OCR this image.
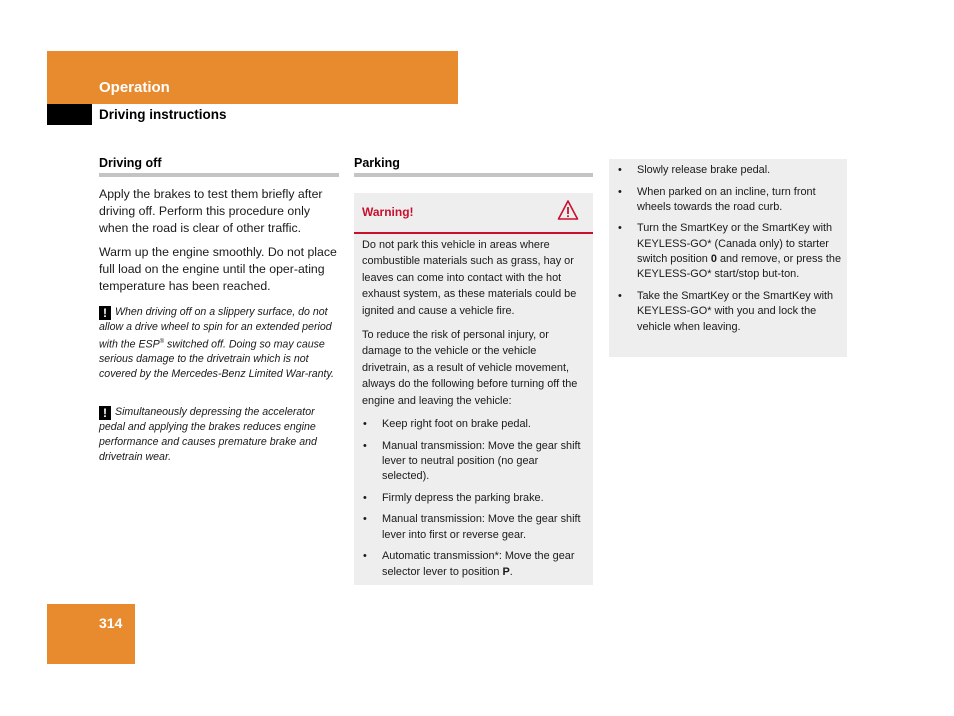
Operation
Driving instructions
Driving off

Apply the brakes to test them briefly after driving off. Perform this procedure only when the road is clear of other traffic.

Warm up the engine smoothly. Do not place full load on the engine until the oper-ating temperature has been reached.

! When driving off on a slippery surface, do not allow a drive wheel to spin for an extended period with the ESP® switched off. Doing so may cause serious damage to the drivetrain which is not covered by the Mercedes-Benz Limited War-ranty.

! Simultaneously depressing the accelerator pedal and applying the brakes reduces engine performance and causes premature brake and drivetrain wear.

Parking
Warning!

Do not park this vehicle in areas where combustible materials such as grass, hay or leaves can come into contact with the hot exhaust system, as these materials could be ignited and cause a vehicle fire.

To reduce the risk of personal injury, or damage to the vehicle or the vehicle drivetrain, as a result of vehicle movement, always do the following before turning off the engine and leaving the vehicle:

• Keep right foot on brake pedal.
• Manual transmission: Move the gear shift lever to neutral position (no gear selected).
• Firmly depress the parking brake.
• Manual transmission: Move the gear shift lever into first or reverse gear.
• Automatic transmission*: Move the gear selector lever to position P.
• Slowly release brake pedal.
• When parked on an incline, turn front wheels towards the road curb.
• Turn the SmartKey or the SmartKey with KEYLESS-GO* (Canada only) to starter switch position 0 and remove, or press the KEYLESS-GO* start/stop but-ton.
• Take the SmartKey or the SmartKey with KEYLESS-GO* with you and lock the vehicle when leaving.
314
